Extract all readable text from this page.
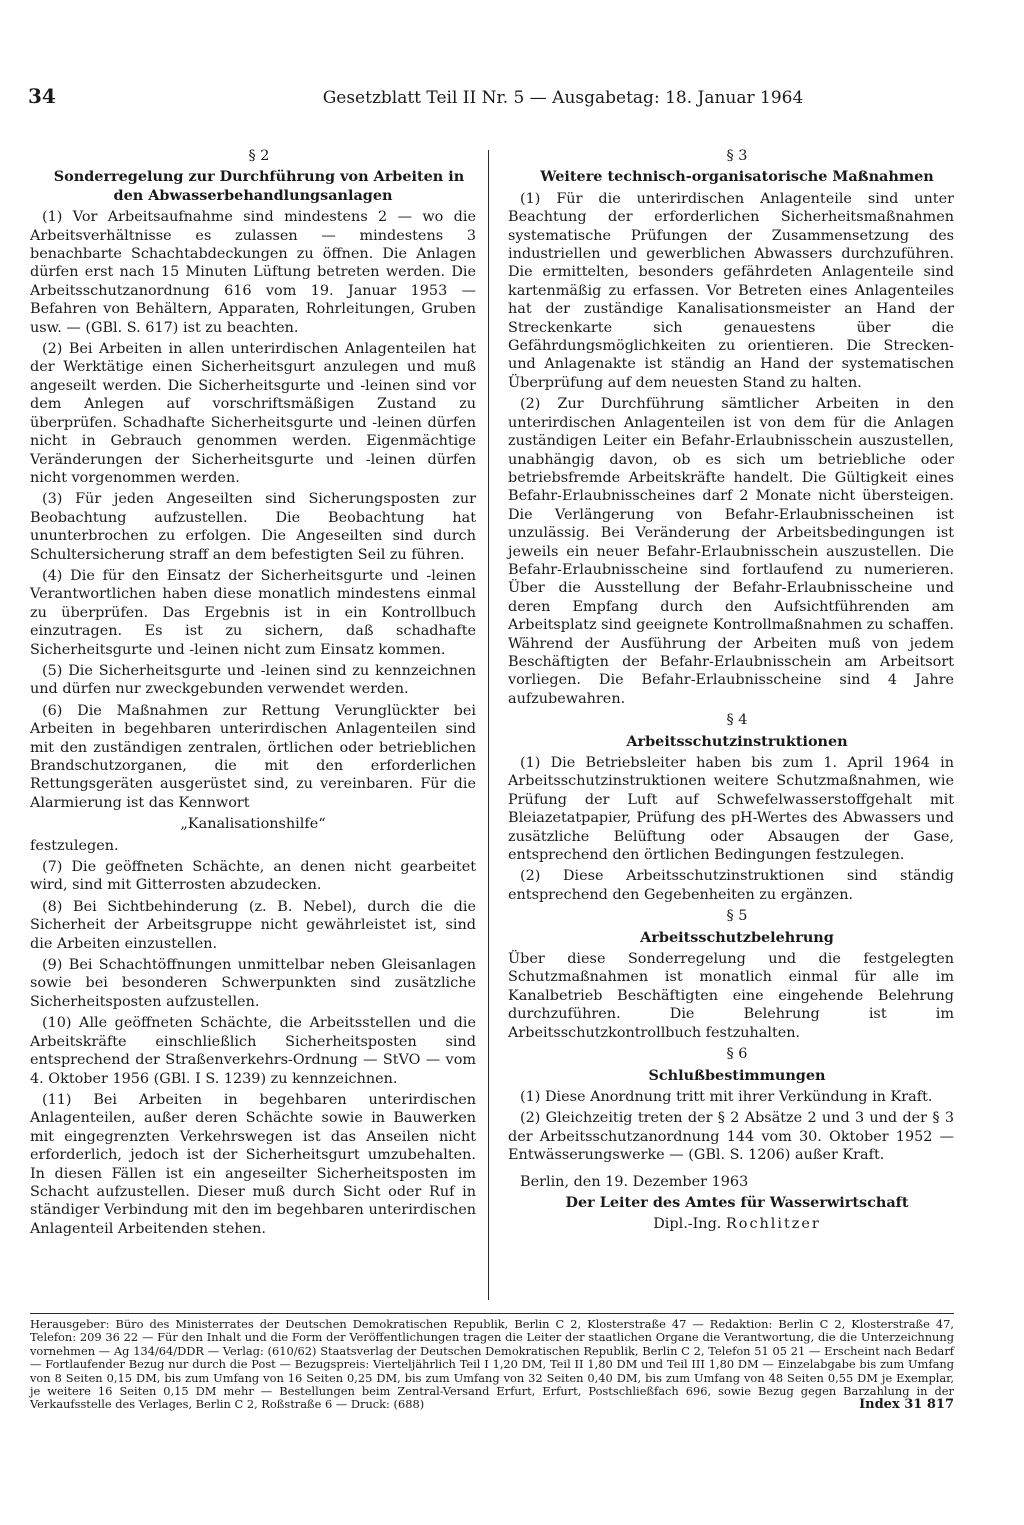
34	Gesetzblatt Teil II Nr. 5 — Ausgabetag: 18. Januar 1964

§ 2

Sonderregelung zur Durchführung von Arbeiten in den Abwasserbehandlungsanlagen

(1) Vor Arbeitsaufnahme sind mindestens 2 — wo die Arbeitsverhältnisse es zulassen — mindestens 3 benachbarte Schachtabdeckungen zu öffnen. Die Anlagen dürfen erst nach 15 Minuten Lüftung betreten werden. Die Arbeitsschutzanordnung 616 vom 19. Januar 1953 — Befahren von Behältern, Apparaten, Rohrleitungen, Gruben usw. — (GBl. S. 617) ist zu beachten.

(2) Bei Arbeiten in allen unterirdischen Anlagenteilen hat der Werktätige einen Sicherheitsgurt anzulegen und muß angeseilt werden. Die Sicherheitsgurte und -leinen sind vor dem Anlegen auf vorschriftsmäßigen Zustand zu überprüfen. Schadhafte Sicherheitsgurte und -leinen dürfen nicht in Gebrauch genommen werden. Eigenmächtige Veränderungen der Sicherheitsgurte und -leinen dürfen nicht vorgenommen werden.

(3) Für jeden Angeseilten sind Sicherungsposten zur Beobachtung aufzustellen. Die Beobachtung hat ununterbrochen zu erfolgen. Die Angeseilten sind durch Schultersicherung straff an dem befestigten Seil zu führen.

(4) Die für den Einsatz der Sicherheitsgurte und -leinen Verantwortlichen haben diese monatlich mindestens einmal zu überprüfen. Das Ergebnis ist in ein Kontrollbuch einzutragen. Es ist zu sichern, daß schadhafte Sicherheitsgurte und -leinen nicht zum Einsatz kommen.

(5) Die Sicherheitsgurte und -leinen sind zu kennzeichnen und dürfen nur zweckgebunden verwendet werden.

(6) Die Maßnahmen zur Rettung Verunglückter bei Arbeiten in begehbaren unterirdischen Anlagenteilen sind mit den zuständigen zentralen, örtlichen oder betrieblichen Brandschutzorganen, die mit den erforderlichen Rettungsgeräten ausgerüstet sind, zu vereinbaren. Für die Alarmierung ist das Kennwort

„Kanalisationshilfe“

festzulegen.

(7) Die geöffneten Schächte, an denen nicht gearbeitet wird, sind mit Gitterrosten abzudecken.

(8) Bei Sichtbehinderung (z. B. Nebel), durch die die Sicherheit der Arbeitsgruppe nicht gewährleistet ist, sind die Arbeiten einzustellen.

(9) Bei Schachtöffnungen unmittelbar neben Gleisanlagen sowie bei besonderen Schwerpunkten sind zusätzliche Sicherheitsposten aufzustellen.

(10) Alle geöffneten Schächte, die Arbeitsstellen und die Arbeitskräfte einschließlich Sicherheitsposten sind entsprechend der Straßenverkehrs-Ordnung — StVO — vom 4. Oktober 1956 (GBl. I S. 1239) zu kennzeichnen.

(11) Bei Arbeiten in begehbaren unterirdischen Anlagenteilen, außer deren Schächte sowie in Bauwerken mit eingegrenzten Verkehrswegen ist das Anseilen nicht erforderlich, jedoch ist der Sicherheitsgurt umzubehalten. In diesen Fällen ist ein angeseilter Sicherheitsposten im Schacht aufzustellen. Dieser muß durch Sicht oder Ruf in ständiger Verbindung mit den im begehbaren unterirdischen Anlagenteil Arbeitenden stehen.

§ 3

Weitere technisch-organisatorische Maßnahmen

(1) Für die unterirdischen Anlagenteile sind unter Beachtung der erforderlichen Sicherheitsmaßnahmen systematische Prüfungen der Zusammensetzung des industriellen und gewerblichen Abwassers durchzuführen. Die ermittelten, besonders gefährdeten Anlagenteile sind kartenmäßig zu erfassen. Vor Betreten eines Anlagenteiles hat der zuständige Kanalisationsmeister an Hand der Streckenkarte sich genauestens über die Gefährdungsmöglichkeiten zu orientieren. Die Strecken- und Anlagenakte ist ständig an Hand der systematischen Überprüfung auf dem neuesten Stand zu halten.

(2) Zur Durchführung sämtlicher Arbeiten in den unterirdischen Anlagenteilen ist von dem für die Anlagen zuständigen Leiter ein Befahr-Erlaubnisschein auszustellen, unabhängig davon, ob es sich um betriebliche oder betriebsfremde Arbeitskräfte handelt. Die Gültigkeit eines Befahr-Erlaubnisscheines darf 2 Monate nicht übersteigen. Die Verlängerung von Befahr-Erlaubnisscheinen ist unzulässig. Bei Veränderung der Arbeitsbedingungen ist jeweils ein neuer Befahr-Erlaubnisschein auszustellen. Die Befahr-Erlaubnisscheine sind fortlaufend zu numerieren. Über die Ausstellung der Befahr-Erlaubnisscheine und deren Empfang durch den Aufsichtführenden am Arbeitsplatz sind geeignete Kontrollmaßnahmen zu schaffen. Während der Ausführung der Arbeiten muß von jedem Beschäftigten der Befahr-Erlaubnisschein am Arbeitsort vorliegen. Die Befahr-Erlaubnisscheine sind 4 Jahre aufzubewahren.

§ 4

Arbeitsschutzinstruktionen

(1) Die Betriebsleiter haben bis zum 1. April 1964 in Arbeitsschutzinstruktionen weitere Schutzmaßnahmen, wie Prüfung der Luft auf Schwefelwasserstoffgehalt mit Bleiazetatpapier, Prüfung des pH-Wertes des Abwassers und zusätzliche Belüftung oder Absaugen der Gase, entsprechend den örtlichen Bedingungen festzulegen.

(2) Diese Arbeitsschutzinstruktionen sind ständig entsprechend den Gegebenheiten zu ergänzen.

§ 5

Arbeitsschutzbelehrung

Über diese Sonderregelung und die festgelegten Schutzmaßnahmen ist monatlich einmal für alle im Kanalbetrieb Beschäftigten eine eingehende Belehrung durchzuführen. Die Belehrung ist im Arbeitsschutzkontrollbuch festzuhalten.

§ 6

Schlußbestimmungen

(1) Diese Anordnung tritt mit ihrer Verkündung in Kraft.

(2) Gleichzeitig treten der § 2 Absätze 2 und 3 und der § 3 der Arbeitsschutzanordnung 144 vom 30. Oktober 1952 — Entwässerungswerke — (GBl. S. 1206) außer Kraft.

Berlin, den 19. Dezember 1963

Der Leiter des Amtes für Wasserwirtschaft

Dipl.-Ing. Rochlitzer

Herausgeber: Büro des Ministerrates der Deutschen Demokratischen Republik, Berlin C 2, Klosterstraße 47 — Redaktion: Berlin C 2, Klosterstraße 47, Telefon: 209 36 22 — Für den Inhalt und die Form der Veröffentlichungen tragen die Leiter der staatlichen Organe die Verantwortung, die die Unterzeichnung vornehmen — Ag 134/64/DDR — Verlag: (610/62) Staatsverlag der Deutschen Demokratischen Republik, Berlin C 2, Telefon 51 05 21 — Erscheint nach Bedarf — Fortlaufender Bezug nur durch die Post — Bezugspreis: Vierteljährlich Teil I 1,20 DM, Teil II 1,80 DM und Teil III 1,80 DM — Einzelabgabe bis zum Umfang von 8 Seiten 0,15 DM, bis zum Umfang von 16 Seiten 0,25 DM, bis zum Umfang von 32 Seiten 0,40 DM, bis zum Umfang von 48 Seiten 0,55 DM je Exemplar, je weitere 16 Seiten 0,15 DM mehr — Bestellungen beim Zentral-Versand Erfurt, Erfurt, Postschließfach 696, sowie Bezug gegen Barzahlung in der Verkaufsstelle des Verlages, Berlin C 2, Roßstraße 6 — Druck: (688)	Index 31 817
